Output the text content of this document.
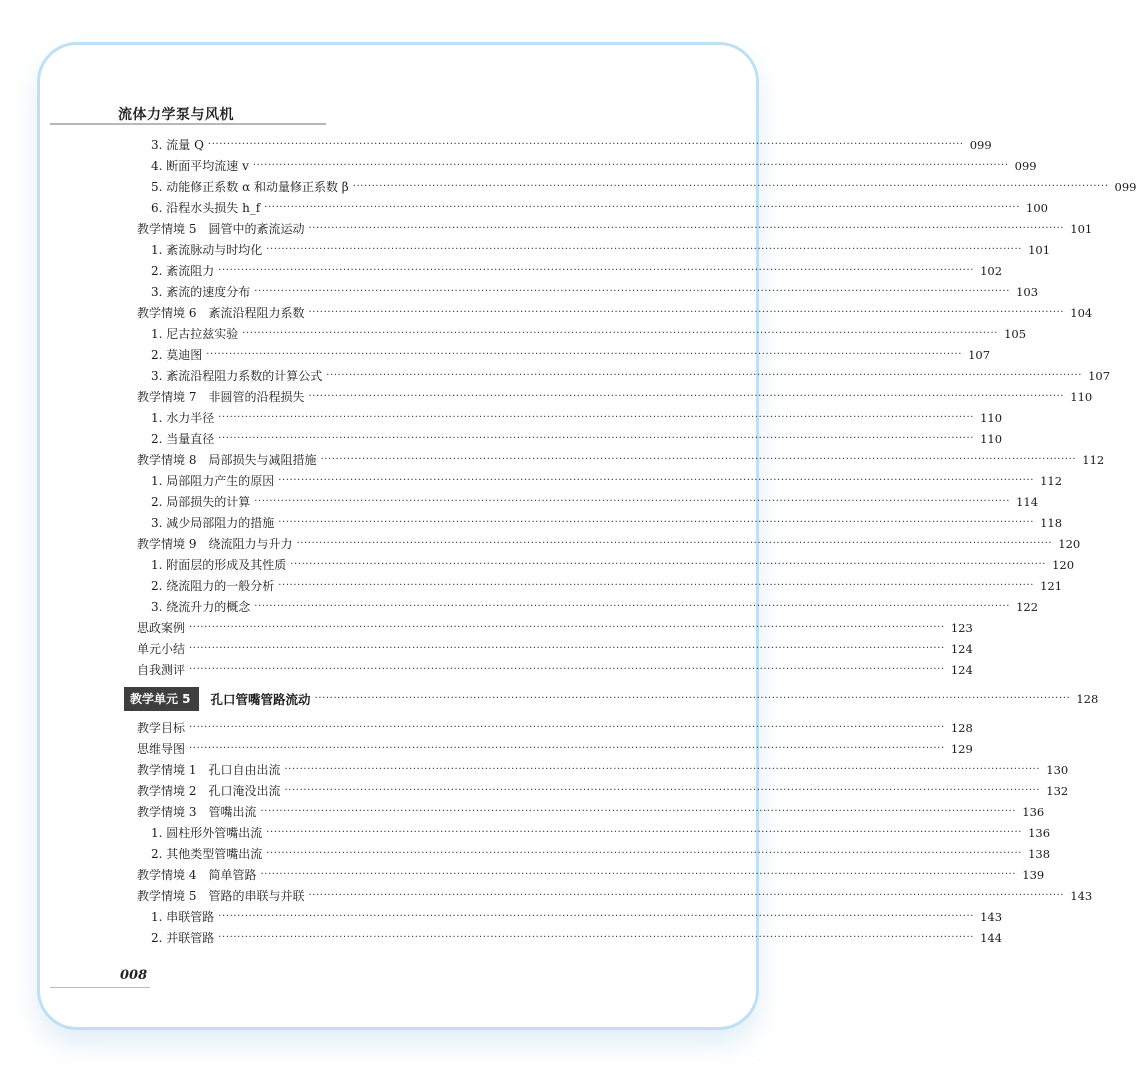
流体力学泵与风机
3. 流量 Q ········································································································································································································ 099
4. 断面平均流速 v ········································································································································································································ 099
5. 动能修正系数 α 和动量修正系数 β ········································································································································································································ 099
6. 沿程水头损失 h_f ········································································································································································································ 100
教学情境 5　圆管中的紊流运动 ········································································································································································································ 101
1. 紊流脉动与时均化 ········································································································································································································ 101
2. 紊流阻力 ········································································································································································································ 102
3. 紊流的速度分布 ········································································································································································································ 103
教学情境 6　紊流沿程阻力系数 ········································································································································································································ 104
1. 尼古拉兹实验 ········································································································································································································ 105
2. 莫迪图 ········································································································································································································ 107
3. 紊流沿程阻力系数的计算公式 ········································································································································································································ 107
教学情境 7　非圆管的沿程损失 ········································································································································································································ 110
1. 水力半径 ········································································································································································································ 110
2. 当量直径 ········································································································································································································ 110
教学情境 8　局部损失与减阻措施 ········································································································································································································ 112
1. 局部阻力产生的原因 ········································································································································································································ 112
2. 局部损失的计算 ········································································································································································································ 114
3. 减少局部阻力的措施 ········································································································································································································ 118
教学情境 9　绕流阻力与升力 ········································································································································································································ 120
1. 附面层的形成及其性质 ········································································································································································································ 120
2. 绕流阻力的一般分析 ········································································································································································································ 121
3. 绕流升力的概念 ········································································································································································································ 122
思政案例 ········································································································································································································ 123
单元小结 ········································································································································································································ 124
自我测评 ········································································································································································································ 124
教学单元 5	孔口管嘴管路流动 ········································································································································································································ 128
教学目标 ········································································································································································································ 128
思维导图 ········································································································································································································ 129
教学情境 1　孔口自由出流 ········································································································································································································ 130
教学情境 2　孔口淹没出流 ········································································································································································································ 132
教学情境 3　管嘴出流 ········································································································································································································ 136
1. 圆柱形外管嘴出流 ········································································································································································································ 136
2. 其他类型管嘴出流 ········································································································································································································ 138
教学情境 4　简单管路 ········································································································································································································ 139
教学情境 5　管路的串联与并联 ········································································································································································································ 143
1. 串联管路 ········································································································································································································ 143
2. 并联管路 ········································································································································································································ 144
008
